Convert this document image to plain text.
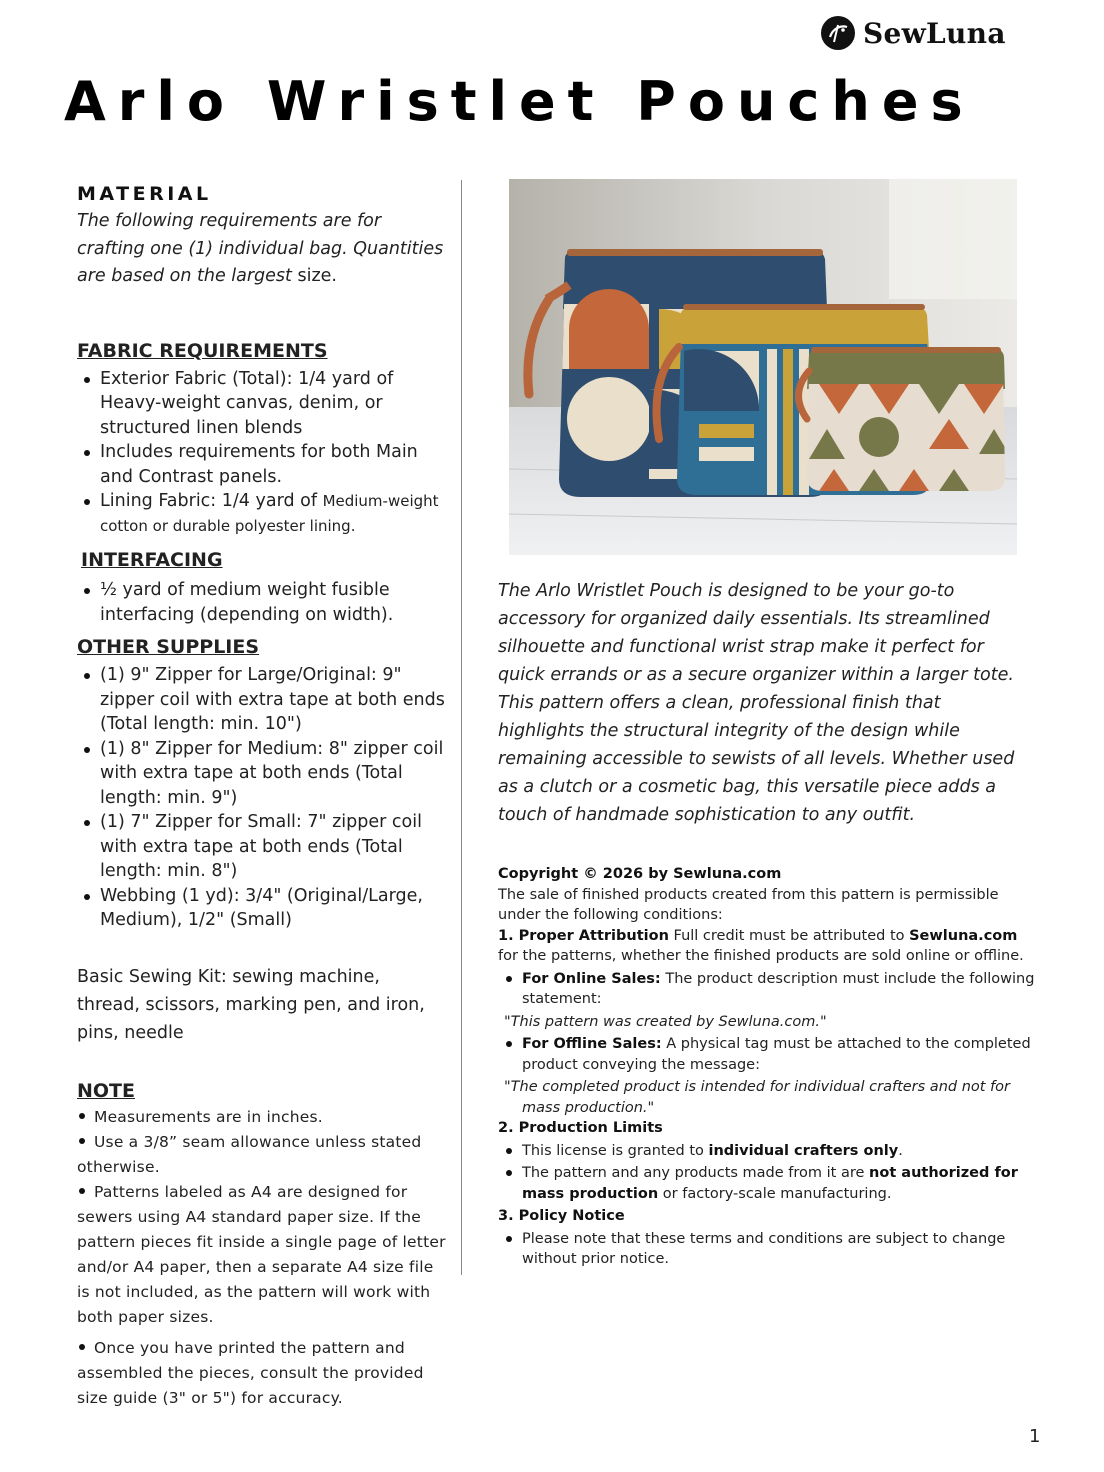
SewLuna
Arlo Wristlet Pouches
MATERIAL

The following requirements are for crafting one (1) individual bag. Quantities are based on the largest size.

FABRIC REQUIREMENTS
Exterior Fabric (Total): 1/4 yard of Heavy-weight canvas, denim, or structured linen blends
Includes requirements for both Main and Contrast panels.
Lining Fabric: 1/4 yard of Medium-weight cotton or durable polyester lining.
INTERFACING
½ yard of medium weight fusible interfacing (depending on width).
OTHER SUPPLIES
(1) 9" Zipper for Large/Original: 9" zipper coil with extra tape at both ends (Total length: min. 10")
(1) 8" Zipper for Medium: 8" zipper coil with extra tape at both ends (Total length: min. 9")
(1) 7" Zipper for Small: 7" zipper coil with extra tape at both ends (Total length: min. 8")
Webbing (1 yd): 3/4" (Original/Large, Medium), 1/2" (Small)

Basic Sewing Kit: sewing machine, thread, scissors, marking pen, and iron, pins, needle

NOTE
Measurements are in inches.
Use a 3/8” seam allowance unless stated otherwise.
Patterns labeled as A4 are designed for sewers using A4 standard paper size. If the pattern pieces fit inside a single page of letter and/or A4 paper, then a separate A4 size file is not included, as the pattern will work with both paper sizes.
Once you have printed the pattern and assembled the pieces, consult the provided size guide (3" or 5") for accuracy.

The Arlo Wristlet Pouch is designed to be your go-to accessory for organized daily essentials. Its streamlined silhouette and functional wrist strap make it perfect for quick errands or as a secure organizer within a larger tote. This pattern offers a clean, professional finish that highlights the structural integrity of the design while remaining accessible to sewists of all levels. Whether used as a clutch or a cosmetic bag, this versatile piece adds a touch of handmade sophistication to any outfit.

Copyright © 2026 by Sewluna.com

The sale of finished products created from this pattern is permissible under the following conditions:

1. Proper Attribution Full credit must be attributed to Sewluna.com for the patterns, whether the finished products are sold online or offline.

For Online Sales: The product description must include the following statement:

"This pattern was created by Sewluna.com."

For Offline Sales: A physical tag must be attached to the completed product conveying the message:

"The completed product is intended for individual crafters and not for
mass production."

2. Production Limits

This license is granted to individual crafters only.
The pattern and any products made from it are not authorized for mass production or factory-scale manufacturing.

3. Policy Notice

Please note that these terms and conditions are subject to change without prior notice.
1
